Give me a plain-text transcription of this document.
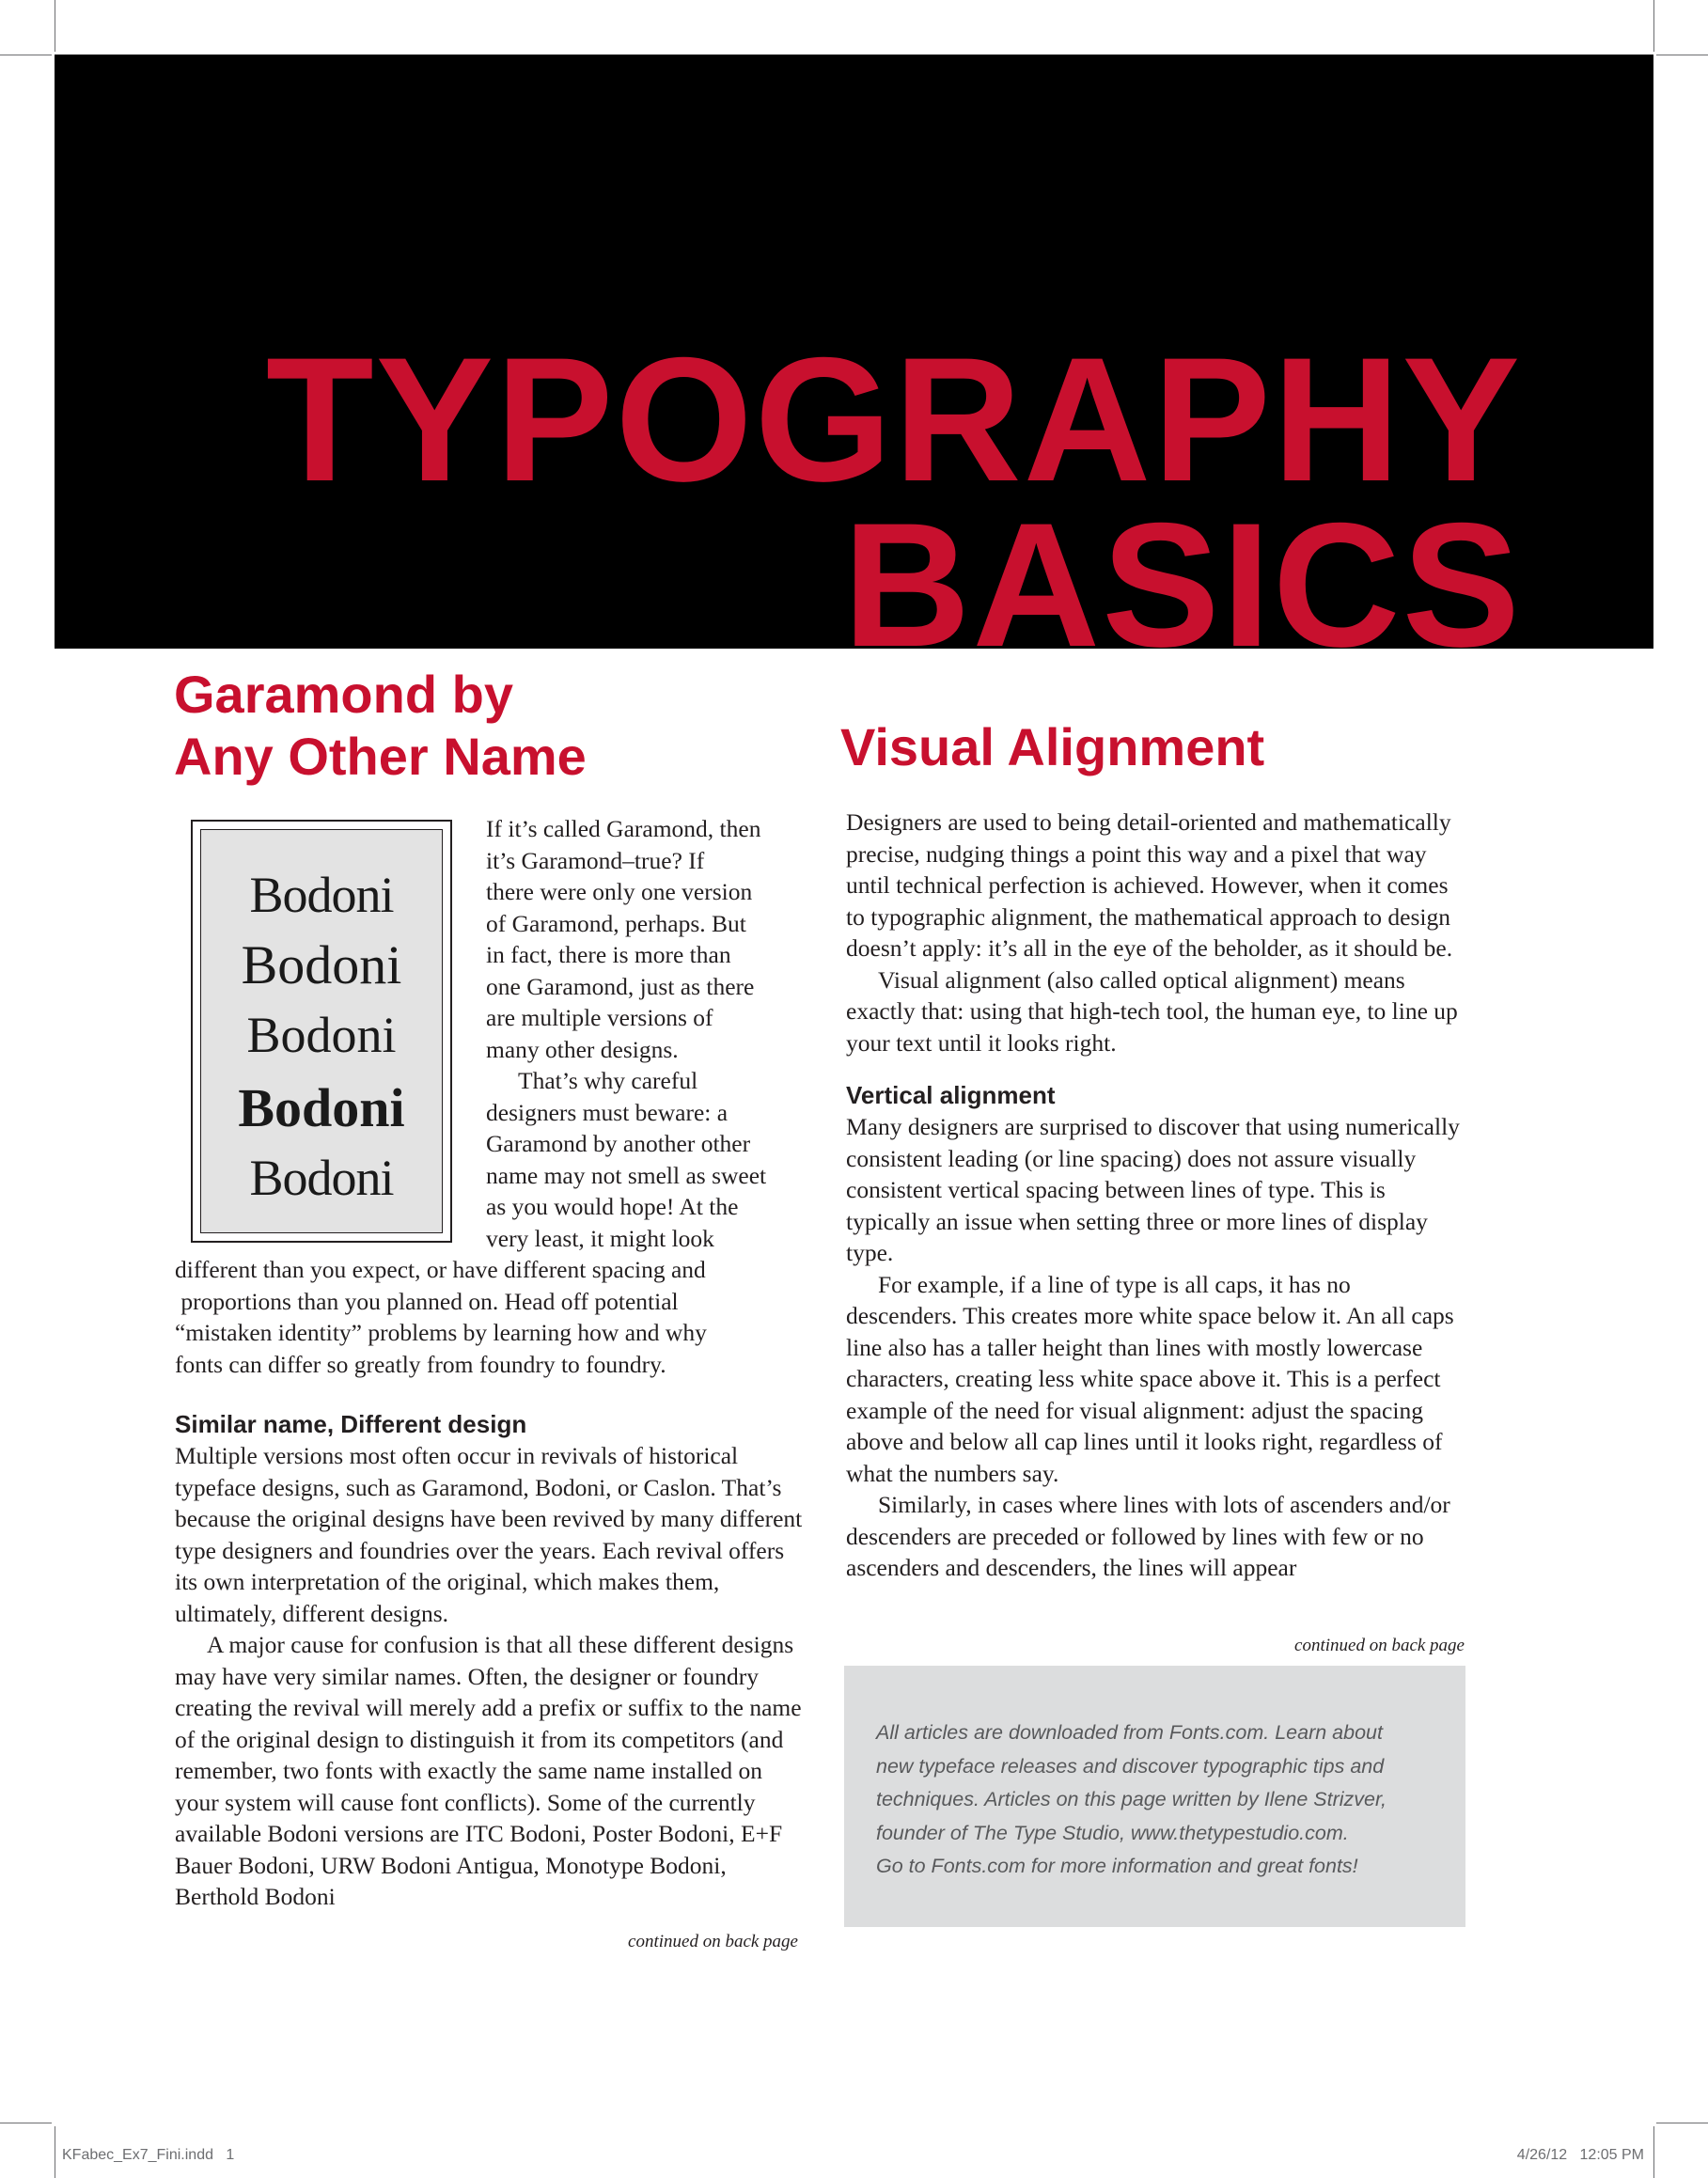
TYPOGRAPHY
BASICS
Garamond by
Any Other Name
Bodoni
Bodoni
Bodoni
Bodoni
Bodoni

If it’s called Garamond, then

it’s Garamond–true? If

there were only one version

of Garamond, perhaps. But

in fact, there is more than

one Garamond, just as there

are multiple versions of

many other designs.

That’s why careful

designers must beware: a

Garamond by another other

name may not smell as sweet

as you would hope! At the

very least, it might look

different than you expect, or have different spacing and

proportions than you planned on. Head off potential

“mistaken identity” problems by learning how and why

fonts can differ so greatly from foundry to foundry.

Similar name, Different design

Multiple versions most often occur in revivals of historical typeface designs, such as Garamond, Bodoni, or Caslon. That’s because the original designs have been revived by many different type designers and foundries over the years. Each revival offers its own interpretation of the original, which makes them, ultimately, different designs.

A major cause for confusion is that all these different designs may have very similar names. Often, the designer or foundry creating the revival will merely add a prefix or suffix to the name of the original design to distinguish it from its competitors (and remember, two fonts with exactly the same name installed on your system will cause font conflicts). Some of the currently available Bodoni versions are ITC Bodoni, Poster Bodoni, E+F Bauer Bodoni, URW Bodoni Antigua, Monotype Bodoni, Berthold Bodoni

continued on back page
Visual Alignment

Designers are used to being detail-oriented and mathematically precise, nudging things a point this way and a pixel that way until technical perfection is achieved. However, when it comes to typographic alignment, the mathematical approach to design doesn’t apply: it’s all in the eye of the beholder, as it should be.

Visual alignment (also called optical alignment) means exactly that: using that high-tech tool, the human eye, to line up your text until it looks right.

Vertical alignment

Many designers are surprised to discover that using numerically consistent leading (or line spacing) does not assure visually consistent vertical spacing between lines of type. This is typically an issue when setting three or more lines of display type.

For example, if a line of type is all caps, it has no descenders. This creates more white space below it. An all caps line also has a taller height than lines with mostly lowercase characters, creating less white space above it. This is a perfect example of the need for visual alignment: adjust the spacing above and below all cap lines until it looks right, regardless of what the numbers say.

Similarly, in cases where lines with lots of ascenders and/or descenders are preceded or followed by lines with few or no ascenders and descenders, the lines will appear

continued on back page

All articles are downloaded from Fonts.com. Learn about
new typeface releases and discover typographic tips and
techniques. Articles on this page written by Ilene Strizver,
founder of The Type Studio, www.thetypestudio.com.
Go to Fonts.com for more information and great fonts!

KFabec_Ex7_Fini.indd   1	4/26/12   12:05 PM
